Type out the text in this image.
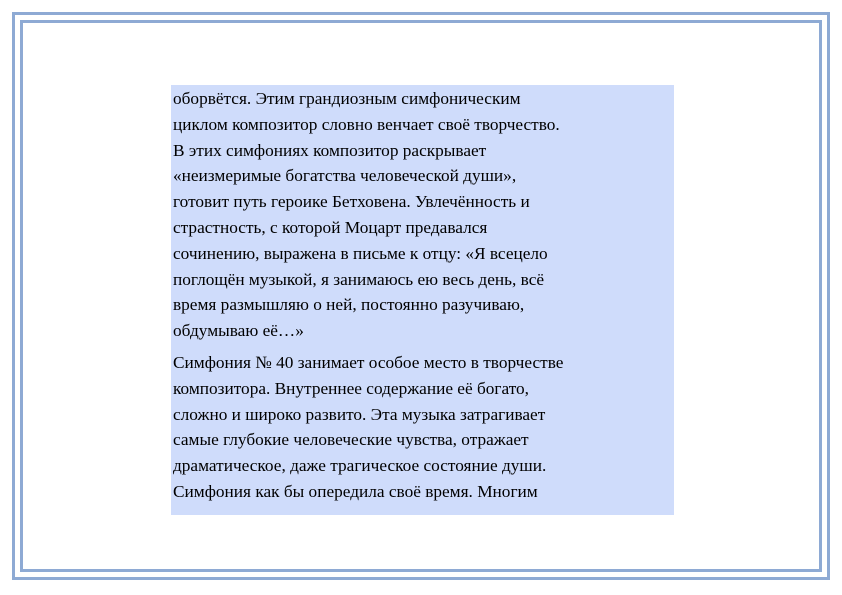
оборвётся. Этим грандиозным симфоническим
циклом композитор словно венчает своё творчество.
В этих симфониях композитор раскрывает
«неизмеримые богатства человеческой души»,
готовит путь героике Бетховена. Увлечённость и
страстность, с которой Моцарт предавался
сочинению, выражена в письме к отцу: «Я всецело
поглощён музыкой, я занимаюсь ею весь день, всё
время размышляю о ней, постоянно разучиваю,
обдумываю её…»
Симфония № 40 занимает особое место в творчестве
композитора. Внутреннее содержание её богато,
сложно и широко развито. Эта музыка затрагивает
самые глубокие человеческие чувства, отражает
драматическое, даже трагическое состояние души.
Симфония как бы опередила своё время. Многим
